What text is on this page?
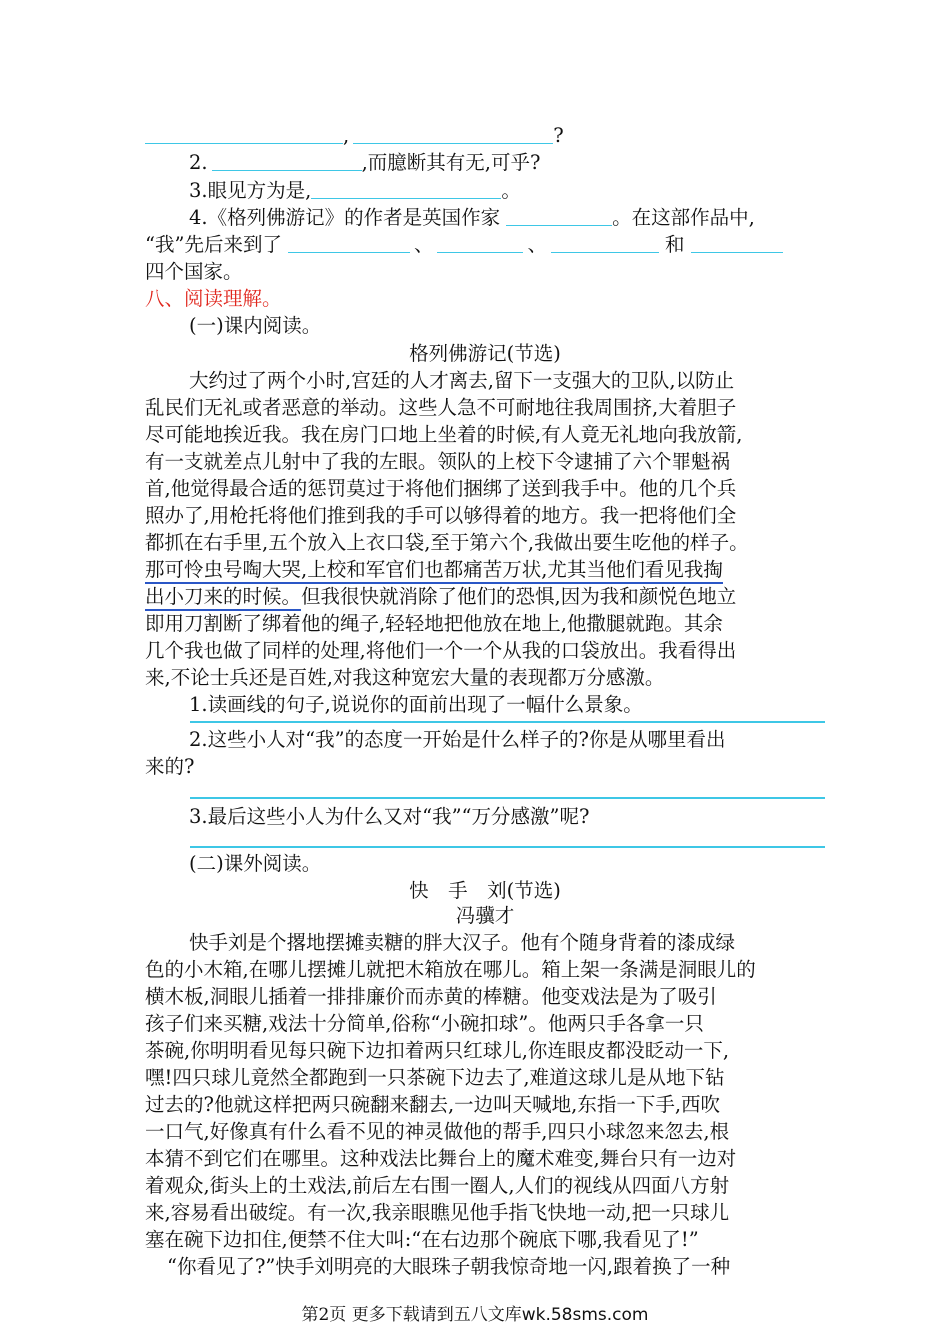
,	?
2.	,而臆断其有无,可乎?
3.眼见方为是,	。
4.《格列佛游记》的作者是英国作家	。在这部作品中,
“我”先后来到了	、	、	和
四个国家。
八、阅读理解。
(一)课内阅读。
格列佛游记(节选)
大约过了两个小时,宫廷的人才离去,留下一支强大的卫队,以防止
乱民们无礼或者恶意的举动。这些人急不可耐地往我周围挤,大着胆子
尽可能地挨近我。我在房门口地上坐着的时候,有人竟无礼地向我放箭,
有一支就差点儿射中了我的左眼。领队的上校下令逮捕了六个罪魁祸
首,他觉得最合适的惩罚莫过于将他们捆绑了送到我手中。他的几个兵
照办了,用枪托将他们推到我的手可以够得着的地方。我一把将他们全
都抓在右手里,五个放入上衣口袋,至于第六个,我做出要生吃他的样子。
那可怜虫号啕大哭,上校和军官们也都痛苦万状,尤其当他们看见我掏
出小刀来的时候。但我很快就消除了他们的恐惧,因为我和颜悦色地立
即用刀割断了绑着他的绳子,轻轻地把他放在地上,他撒腿就跑。其余
几个我也做了同样的处理,将他们一个一个从我的口袋放出。我看得出
来,不论士兵还是百姓,对我这种宽宏大量的表现都万分感激。
1.读画线的句子,说说你的面前出现了一幅什么景象。
2.这些小人对“我”的态度一开始是什么样子的?你是从哪里看出
来的?
3.最后这些小人为什么又对“我”“万分感激”呢?
(二)课外阅读。
快　手　刘(节选)
冯骥才
快手刘是个撂地摆摊卖糖的胖大汉子。他有个随身背着的漆成绿
色的小木箱,在哪儿摆摊儿就把木箱放在哪儿。箱上架一条满是洞眼儿的
横木板,洞眼儿插着一排排廉价而赤黄的棒糖。他变戏法是为了吸引
孩子们来买糖,戏法十分简单,俗称“小碗扣球”。他两只手各拿一只
茶碗,你明明看见每只碗下边扣着两只红球儿,你连眼皮都没眨动一下,
嘿!四只球儿竟然全都跑到一只茶碗下边去了,难道这球儿是从地下钻
过去的?他就这样把两只碗翻来翻去,一边叫天喊地,东指一下手,西吹
一口气,好像真有什么看不见的神灵做他的帮手,四只小球忽来忽去,根
本猜不到它们在哪里。这种戏法比舞台上的魔术难变,舞台只有一边对
着观众,街头上的土戏法,前后左右围一圈人,人们的视线从四面八方射
来,容易看出破绽。有一次,我亲眼瞧见他手指飞快地一动,把一只球儿
塞在碗下边扣住,便禁不住大叫:“在右边那个碗底下哪,我看见了!”
“你看见了?”快手刘明亮的大眼珠子朝我惊奇地一闪,跟着换了一种
第2页 更多下载请到五八文库wk.58sms.com
